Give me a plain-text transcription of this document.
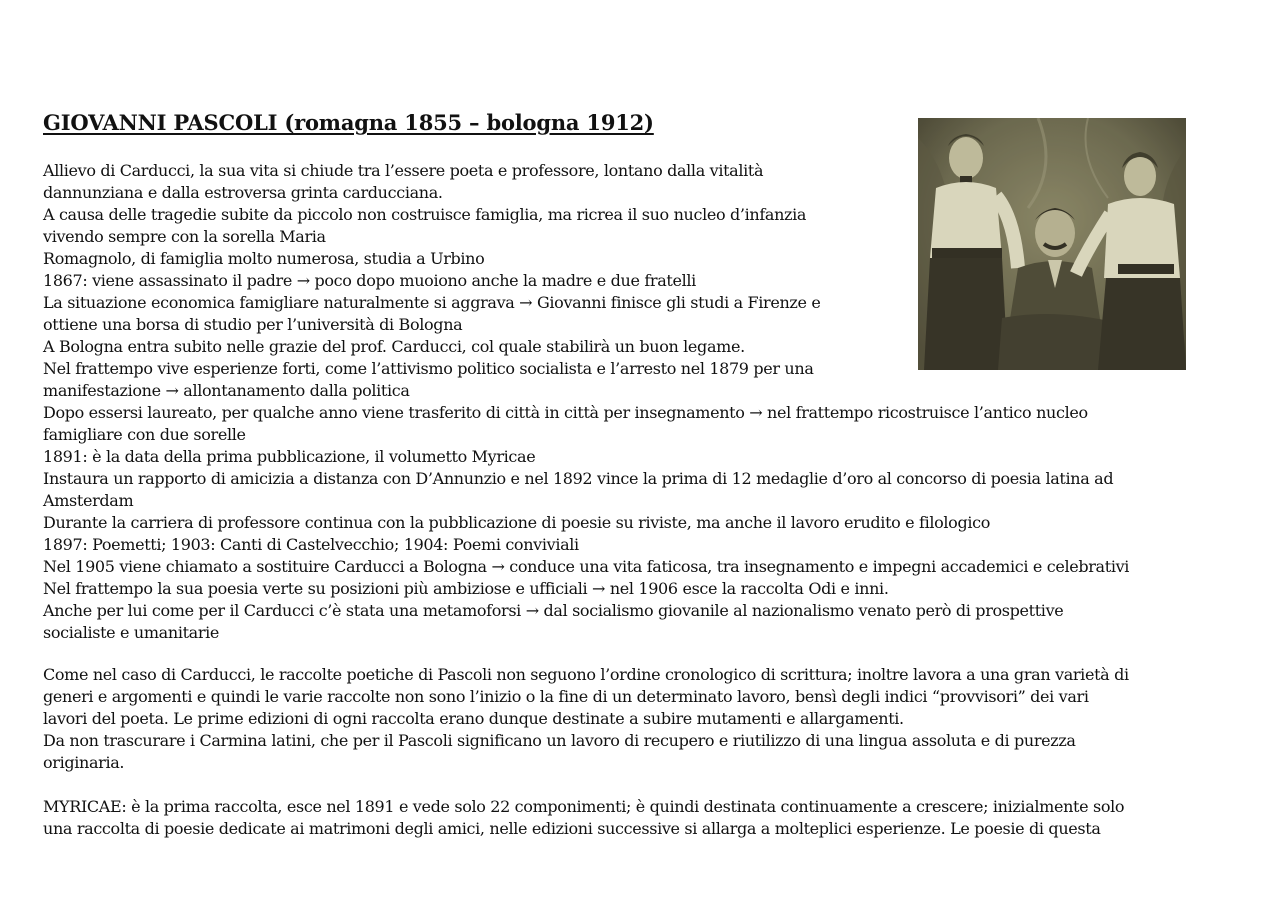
GIOVANNI PASCOLI (romagna 1855 – bologna 1912)
Allievo di Carducci, la sua vita si chiude tra l’essere poeta e professore, lontano dalla vitalità
dannunziana e dalla estroversa grinta carducciana.
A causa delle tragedie subite da piccolo non costruisce famiglia, ma ricrea il suo nucleo d’infanzia
vivendo sempre con la sorella Maria
Romagnolo, di famiglia molto numerosa, studia a Urbino
1867: viene assassinato il padre → poco dopo muoiono anche la madre e due fratelli
La situazione economica famigliare naturalmente si aggrava → Giovanni finisce gli studi a Firenze e
ottiene una borsa di studio per l’università di Bologna
A Bologna entra subito nelle grazie del prof. Carducci, col quale stabilirà un buon legame.
Nel frattempo vive esperienze forti, come l’attivismo politico socialista e l’arresto nel 1879 per una
manifestazione → allontanamento dalla politica
Dopo essersi laureato, per qualche anno viene trasferito di città in città per insegnamento → nel frattempo ricostruisce l’antico nucleo
famigliare con due sorelle
1891: è la data della prima pubblicazione, il volumetto Myricae
Instaura un rapporto di amicizia a distanza con D’Annunzio e nel 1892 vince la prima di 12 medaglie d’oro al concorso di poesia latina ad
Amsterdam
Durante la carriera di professore continua con la pubblicazione di poesie su riviste, ma anche il lavoro erudito e filologico
1897: Poemetti; 1903: Canti di Castelvecchio; 1904: Poemi conviviali
Nel 1905 viene chiamato a sostituire Carducci a Bologna → conduce una vita faticosa, tra insegnamento e impegni accademici e celebrativi
Nel frattempo la sua poesia verte su posizioni più ambiziose e ufficiali → nel 1906 esce la raccolta Odi e inni.
Anche per lui come per il Carducci c’è stata una metamoforsi → dal socialismo giovanile al nazionalismo venato però di prospettive
socialiste e umanitarie
Come nel caso di Carducci, le raccolte poetiche di Pascoli non seguono l’ordine cronologico di scrittura; inoltre lavora a una gran varietà di
generi e argomenti e quindi le varie raccolte non sono l’inizio o la fine di un determinato lavoro, bensì degli indici “provvisori” dei vari
lavori del poeta. Le prime edizioni di ogni raccolta erano dunque destinate a subire mutamenti e allargamenti.
Da non trascurare i Carmina latini, che per il Pascoli significano un lavoro di recupero e riutilizzo di una lingua assoluta e di purezza
originaria.
MYRICAE: è la prima raccolta, esce nel 1891 e vede solo 22 componimenti; è quindi destinata continuamente a crescere; inizialmente solo
una raccolta di poesie dedicate ai matrimoni degli amici, nelle edizioni successive si allarga a molteplici esperienze. Le poesie di questa
